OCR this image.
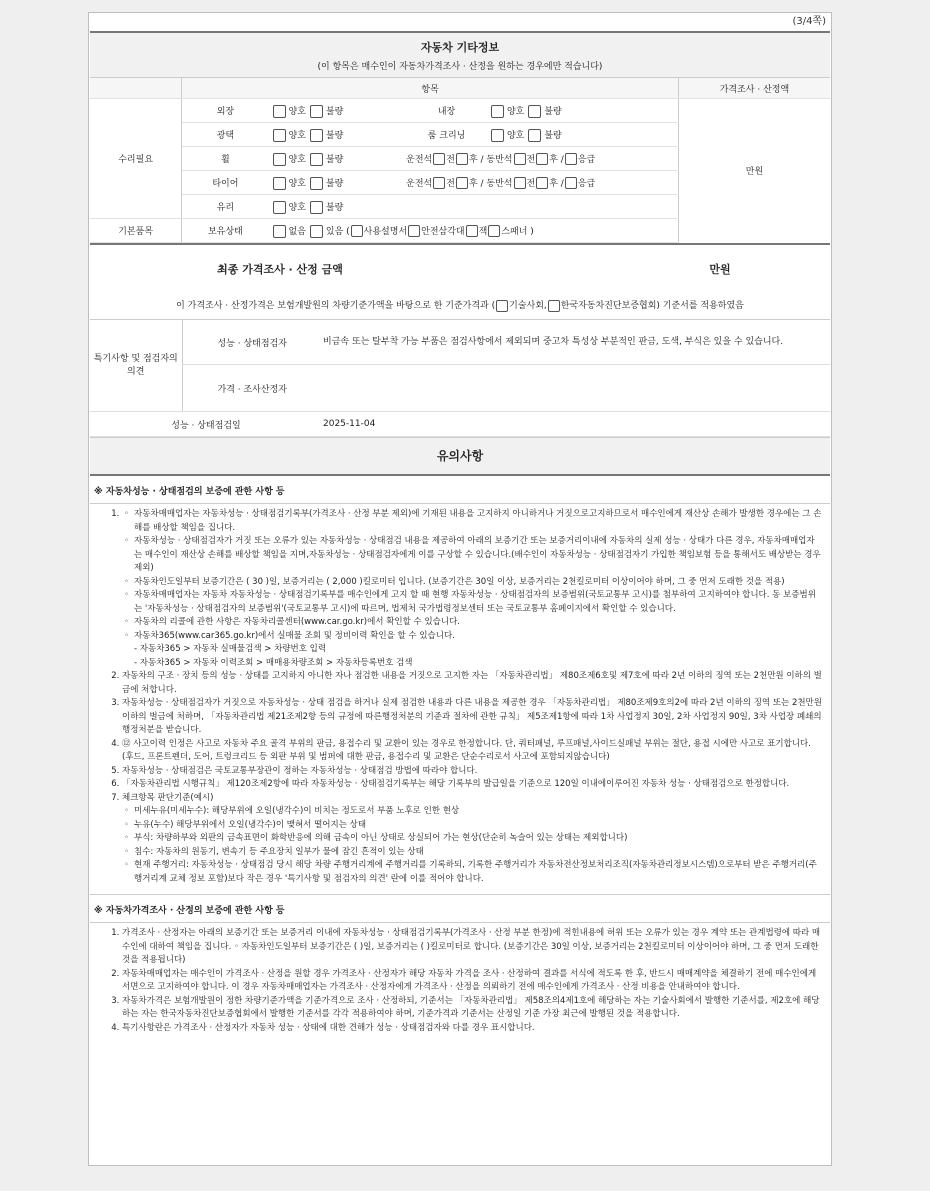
(3/4쪽)
자동차 기타정보
(이 항목은 매수인이 자동차가격조사 · 산정을 원하는 경우에만 적습니다)
	항목				가격조사 · 산정액
수리필요	외장	양호 불량	내장	양호 불량	만원
	광택	양호 불량	룸 크리닝	양호 불량	
	휠	양호 불량	운전석 전 후 / 동반석 전 후 / 응급		
	타이어	양호 불량	운전석 전 후 / 동반석 전 후 / 응급		
	유리	양호 불량			
기본품목	보유상태	없음 있음 ( 사용설명서 안전삼각대 잭 스패너 )			
최종 가격조사 · 산정 금액	만원
이 가격조사 · 산정가격은 보험개발원의 차량기준가액을 바탕으로 한 기준가격과 ( 기술사회, 한국자동차진단보증협회) 기준서를 적용하였음
특기사항 및 점검자의 의견	성능 · 상태점검자	비금속 또는 탈부착 가능 부품은 점검사항에서 제외되며 중고차 특성상 부분적인 판금, 도색, 부식은 있을 수 있습니다.
	가격 · 조사산정자	
성능 · 상태점검일		2025-11-04
유의사항
※ 자동차성능 · 상태점검의 보증에 관한 사항 등
◦ 1. 자동차매매업자는 자동차성능 · 상태점검기록부(가격조사 · 산정 부분 제외)에 기재된 내용을 고지하지 아니하거나 거짓으로고지하므로서 매수인에게 재산상 손해가 발생한 경우에는 그 손해를 배상할 책임을 집니다.
◦ 자동차성능 · 상태점검자가 거짓 또는 오류가 있는 자동차성능 · 상태점검 내용을 제공하여 아래의 보증기간 또는 보증거리이내에 자동차의 실제 성능 · 상태가 다른 경우, 자동차매매업자는 매수인이 재산상 손해를 배상할 책임을 지며,자동차성능 · 상태점검자에게 이를 구상할 수 있습니다.(배수인이 자동차성능 · 상태점검자기 가입한 책임보험 등을 통해서도 배상받는 경우 제외)
◦ 자동차인도일부터 보증기간은 ( 30 )일, 보증거리는 ( 2,000 )킬로미터 입니다. (보증기간은 30일 이상, 보증거리는 2천킬로미터 이상이어야 하며, 그 중 먼저 도래한 것을 적용)
◦ 자동차매매업자는 자동차 자동차성능 · 상태점검기록부를 매수인에게 고지 할 때 현행 자동차성능 · 상태점검자의 보증범위(국토교통부 고시)를 첨부하여 고지하여야 합니다. 동 보증범위는 '자동차성능 · 상태점검자의 보증범위'(국토교통부 고시)에 따르며, 법제처 국가법령정보센터 또는 국토교통부 홈페이지에서 확인할 수 있습니다.
◦ 자동차의 리콜에 관한 사항은 자동차리콜센터(www.car.go.kr)에서 확인할 수 있습니다.
◦ 자동차365(www.car365.go.kr)에서 실매물 조회 및 정비이력 확인을 할 수 있습니다.
- 자동차365 > 자동차 실매물검색 > 차량번호 입력
- 자동차365 > 자동차 이력조회 > 매매용차량조회 > 자동차등록번호 검색
2. 자동차의 구조 · 장치 등의 성능 · 상태를 고지하지 아니한 자나 점검한 내용을 거짓으로 고지한 자는 「자동차관리법」 제80조제6호및 제7호에 따라 2년 이하의 징역 또는 2천만원 이하의 벌금에 처합니다.
3. 자동차성능 · 상태점검자가 거짓으로 자동차성능 · 상태 점검을 하거나 실제 점검한 내용과 다른 내용을 제공한 경우 「자동차관리법」 제80조제9호의2에 따라 2년 이하의 징역 또는 2천만원 이하의 벌금에 처하며, 「자동차관리법 제21조제2항 등의 규정에 따른행정처분의 기준과 절차에 관한 규칙」 제5조제1항에 따라 1차 사업정지 30일, 2차 사업정지 90일, 3차 사업장 폐쇄의 행정처분을 받습니다.
4. ⑫ 사고이력 인정은 사고로 자동차 주요 골격 부위의 판금, 용접수리 및 교환이 있는 경우로 한정합니다. 단, 쿼터패널, 루프패널,사이드실패널 부위는 절단, 용접 시에만 사고로 표기합니다. (후드, 프론트펜더, 도어, 트렁크리드 등 외판 부위 및 범퍼에 대한 판금, 용접수리 및 교환은 단순수리로서 사고에 포함되지않습니다)
5. 자동차성능 · 상태점검은 국토교통부장관이 정하는 자동차성능 · 상태점검 방법에 따라야 합니다.
6. 「자동차관리법 시행규칙」 제120조제2항에 따라 자동차성능 · 상태점검기록부는 해당 기록부의 발급일을 기준으로 120일 이내에이루어진 자동차 성능 · 상태점검으로 한정합니다.
7. 체크항목 판단기준(예시)
◦ 미세누유(미세누수): 해당부위에 오일(냉각수)이 비치는 정도로서 부품 노후로 인한 현상
◦ 누유(누수) 해당부위에서 오일(냉각수)이 맺혀서 떨어지는 상태
◦ 부식: 차량하부와 외판의 금속표면이 화학반응에 의해 금속이 아닌 상태로 상실되어 가는 현상(단순히 녹슬어 있는 상태는 제외합니다)
◦ 침수: 자동차의 원동기, 변속기 등 주요장치 일부가 물에 잠긴 흔적이 있는 상태
◦ 현재 주행거리: 자동차성능 · 상태점검 당시 해당 차량 주행거리계에 주행거리를 기록하되, 기록한 주행거리가 자동차전산정보처리조직(자동차관리정보시스템)으로부터 받은 주행거리(주행거리계 교체 정보 포함)보다 작은 경우 '특기사항 및 점검자의 의견' 란에 이를 적어야 합니다.
※ 자동차가격조사 · 산정의 보증에 관한 사항 등
1. 가격조사 · 산정자는 아래의 보증기간 또는 보증거리 이내에 자동차성능 · 상태점검기록부(가격조사 · 산정 부분 한정)에 적힌내용에 허위 또는 오류가 있는 경우 계약 또는 관계법령에 따라 매수인에 대하여 책임을 집니다. ◦ 자동차인도일부터 보증기간은 ( )일, 보증거리는 ( )킬로미터로 합니다. (보증기간은 30일 이상, 보증거리는 2천킬로미터 이상이어야 하며, 그 중 먼저 도래한 것을 적용됩니다)
2. 자동차매매업자는 매수인이 가격조사 · 산정을 원할 경우 가격조사 · 산정자가 해당 자동차 가격을 조사 · 산정하여 결과를 서식에 적도록 한 후, 반드시 매매계약을 체결하기 전에 매수인에게 서면으로 고지하여야 합니다. 이 경우 자동차매매업자는 가격조사 · 산정자에게 가격조사 · 산정을 의뢰하기 전에 매수인에게 가격조사 · 산정 비용을 안내하여야 합니다.
3. 자동차가격은 보험개발원이 정한 차량기준가액을 기준가격으로 조사 · 산정하되, 기준서는 「자동차관리법」 제58조의4제1호에 해당하는 자는 기술사회에서 발행한 기준서를, 제2호에 해당하는 자는 한국자동차진단보증협회에서 발행한 기준서를 각각 적용하여야 하며, 기준가격과 기준서는 산정일 기준 가장 최근에 발행된 것을 적용합니다.
4. 특기사항란은 가격조사 · 산정자가 자동차 성능 · 상태에 대한 견해가 성능 · 상태점검자와 다를 경우 표시합니다.
